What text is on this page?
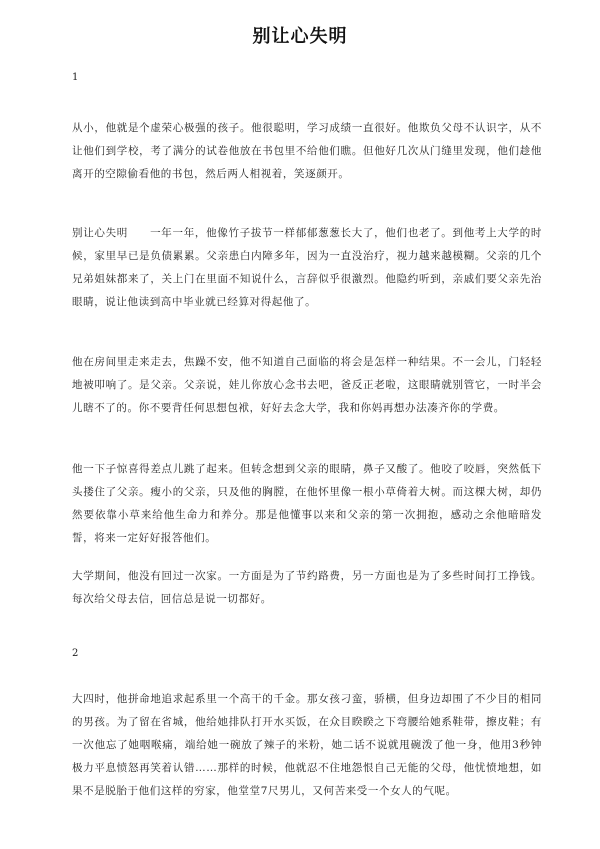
别让心失明
1
从小，他就是个虚荣心极强的孩子。他很聪明，学习成绩一直很好。他欺负父母不认识字，从不让他们到学校，考了满分的试卷他放在书包里不给他们瞧。但他好几次从门缝里发现，他们趁他离开的空隙偷看他的书包，然后两人相视着，笑逐颜开。
别让心失明 一年一年，他像竹子拔节一样郁郁葱葱长大了，他们也老了。到他考上大学的时候，家里早已是负债累累。父亲患白内障多年，因为一直没治疗，视力越来越模糊。父亲的几个兄弟姐妹都来了，关上门在里面不知说什么，言辞似乎很激烈。他隐约听到，亲戚们要父亲先治眼睛，说让他读到高中毕业就已经算对得起他了。
他在房间里走来走去，焦躁不安，他不知道自己面临的将会是怎样一种结果。不一会儿，门轻轻地被叩响了。是父亲。父亲说，娃儿你放心念书去吧，爸反正老啦，这眼睛就别管它，一时半会儿瞎不了的。你不要背任何思想包袱，好好去念大学，我和你妈再想办法凑齐你的学费。
他一下子惊喜得差点儿跳了起来。但转念想到父亲的眼睛，鼻子又酸了。他咬了咬唇，突然低下头搂住了父亲。瘦小的父亲，只及他的胸膛，在他怀里像一根小草倚着大树。而这棵大树，却仍然要依靠小草来给他生命力和养分。那是他懂事以来和父亲的第一次拥抱，感动之余他暗暗发誓，将来一定好好报答他们。
大学期间，他没有回过一次家。一方面是为了节约路费，另一方面也是为了多些时间打工挣钱。每次给父母去信，回信总是说一切都好。
2
大四时，他拼命地追求起系里一个高干的千金。那女孩刁蛮，骄横，但身边却围了不少目的相同的男孩。为了留在省城，他给她排队打开水买饭，在众目睽睽之下弯腰给她系鞋带，擦皮鞋；有一次他忘了她咽喉痛，端给她一碗放了辣子的米粉，她二话不说就甩碗泼了他一身，他用3秒钟极力平息愤怒再笑着认错……那样的时候，他就忍不住地怨恨自己无能的父母，他忧愤地想，如果不是脱胎于他们这样的穷家，他堂堂7尺男儿，又何苦来受一个女人的气呢。
